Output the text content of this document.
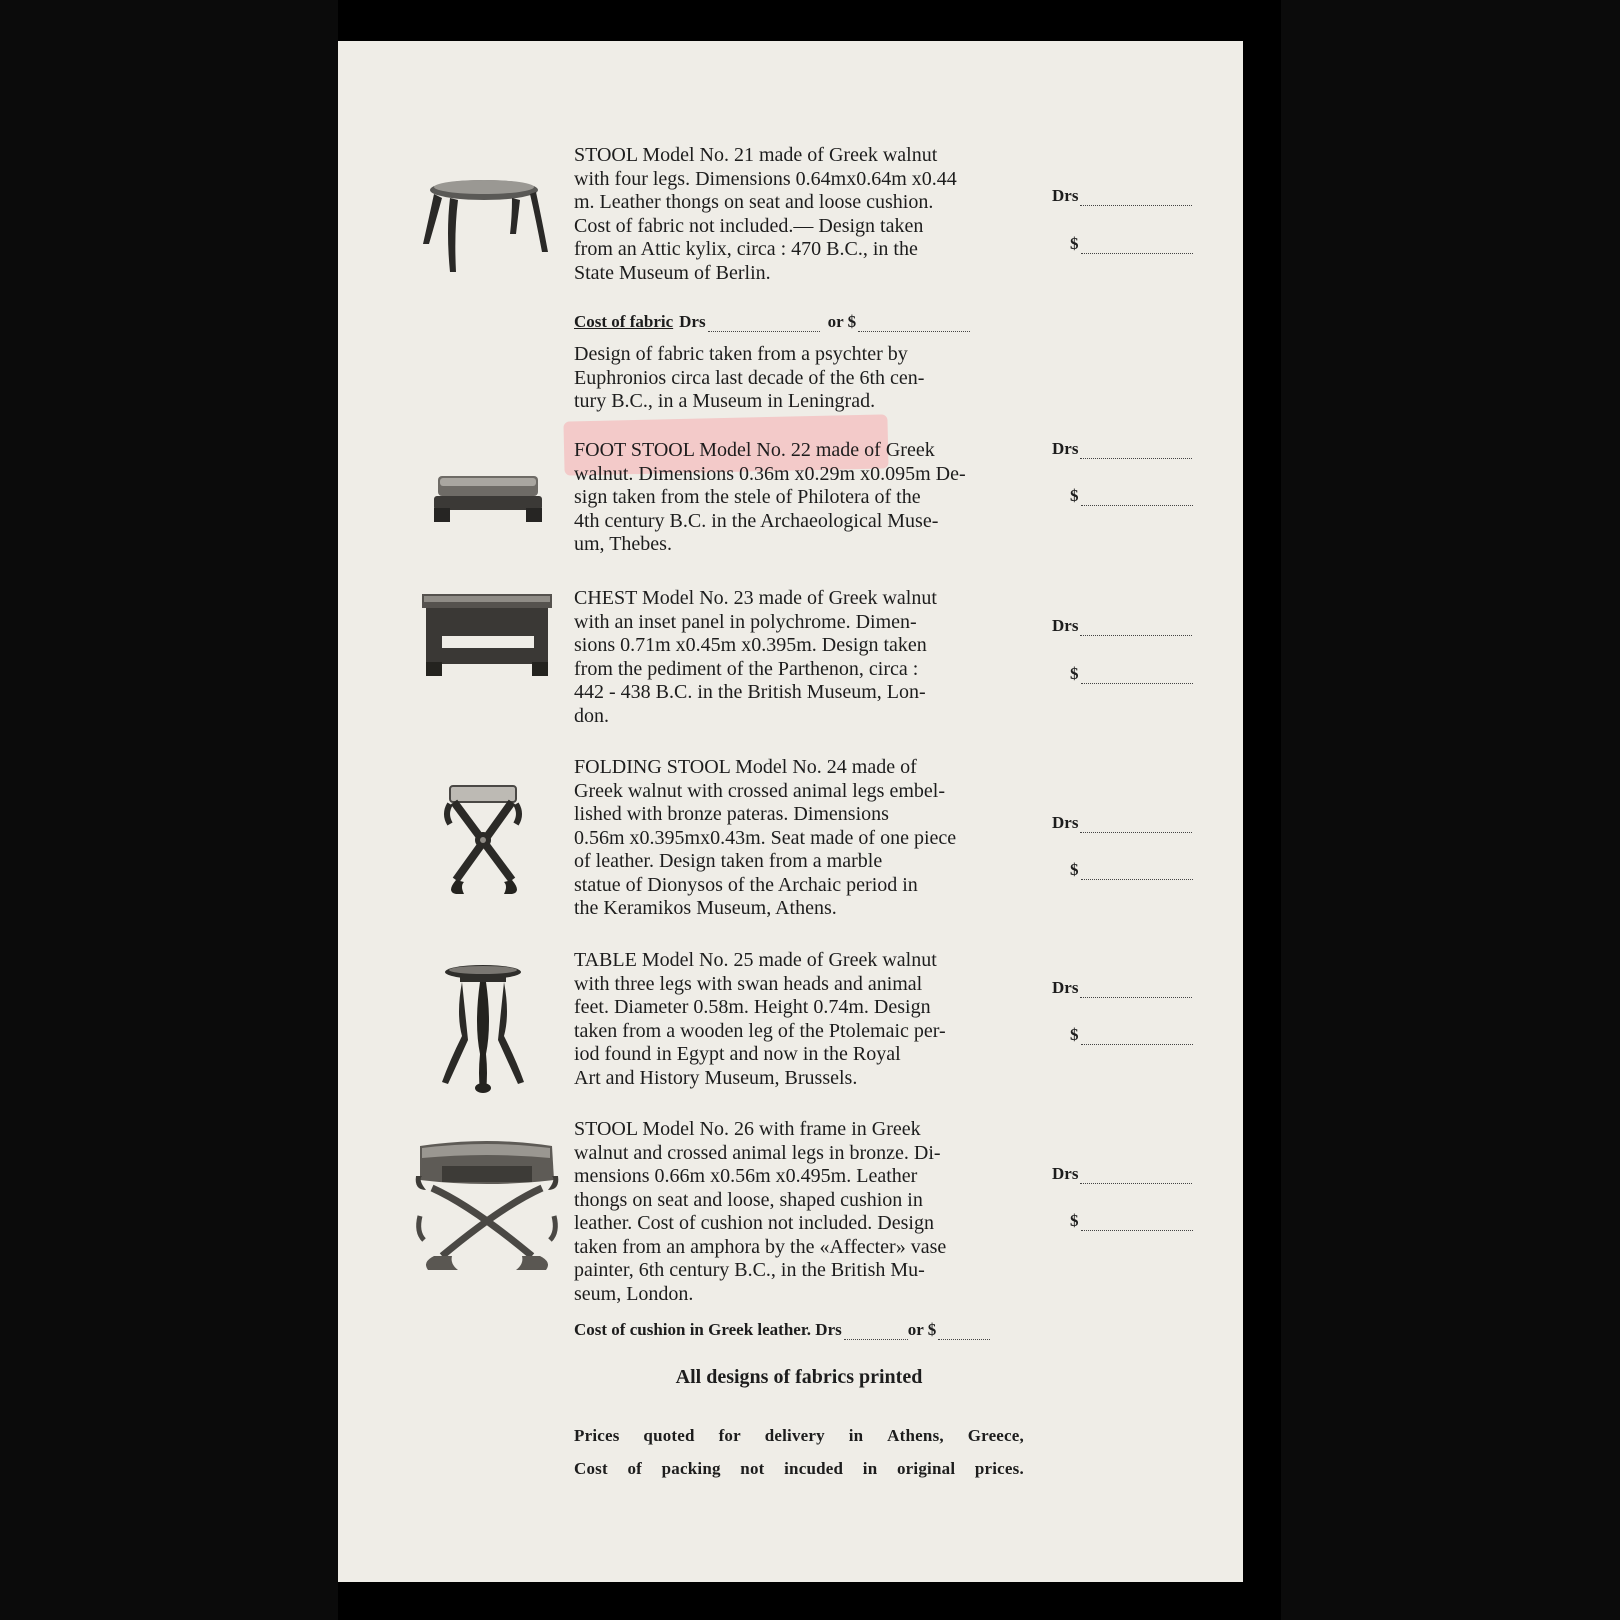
STOOL Model No. 21 made of Greek walnut
with four legs. Dimensions 0.64mx0.64m x0.44
m. Leather thongs on seat and loose cushion.
Cost of fabric not included.— Design taken
from an Attic kylix, circa : 470 B.C., in the
State Museum of Berlin.
Drs
$
Cost of fabric Drs	or $
Design of fabric taken from a psychter by
Euphronios circa last decade of the 6th cen-
tury B.C., in a Museum in Leningrad.
FOOT STOOL Model No. 22 made of Greek
walnut. Dimensions 0.36m x0.29m x0.095m De-
sign taken from the stele of Philotera of the
4th century B.C. in the Archaeological Muse-
um, Thebes.
Drs
$
CHEST Model No. 23 made of Greek walnut
with an inset panel in polychrome. Dimen-
sions 0.71m x0.45m x0.395m. Design taken
from the pediment of the Parthenon, circa :
442 - 438 B.C. in the British Museum, Lon-
don.
Drs
$
FOLDING STOOL Model No. 24 made of
Greek walnut with crossed animal legs embel-
lished with bronze pateras. Dimensions
0.56m x0.395mx0.43m. Seat made of one piece
of leather. Design taken from a marble
statue of Dionysos of the Archaic period in
the Keramikos Museum, Athens.
Drs
$
TABLE Model No. 25 made of Greek walnut
with three legs with swan heads and animal
feet. Diameter 0.58m. Height 0.74m. Design
taken from a wooden leg of the Ptolemaic per-
iod found in Egypt and now in the Royal
Art and History Museum, Brussels.
Drs
$
STOOL Model No. 26 with frame in Greek
walnut and crossed animal legs in bronze. Di-
mensions 0.66m x0.56m x0.495m. Leather
thongs on seat and loose, shaped cushion in
leather. Cost of cushion not included. Design
taken from an amphora by the «Affecter» vase
painter, 6th century B.C., in the British Mu-
seum, London.
Drs
$
Cost of cushion in Greek leather. Drs	or $
All designs of fabrics printed
Prices quoted for delivery in Athens, Greece,
Cost of packing not incuded in original prices.
